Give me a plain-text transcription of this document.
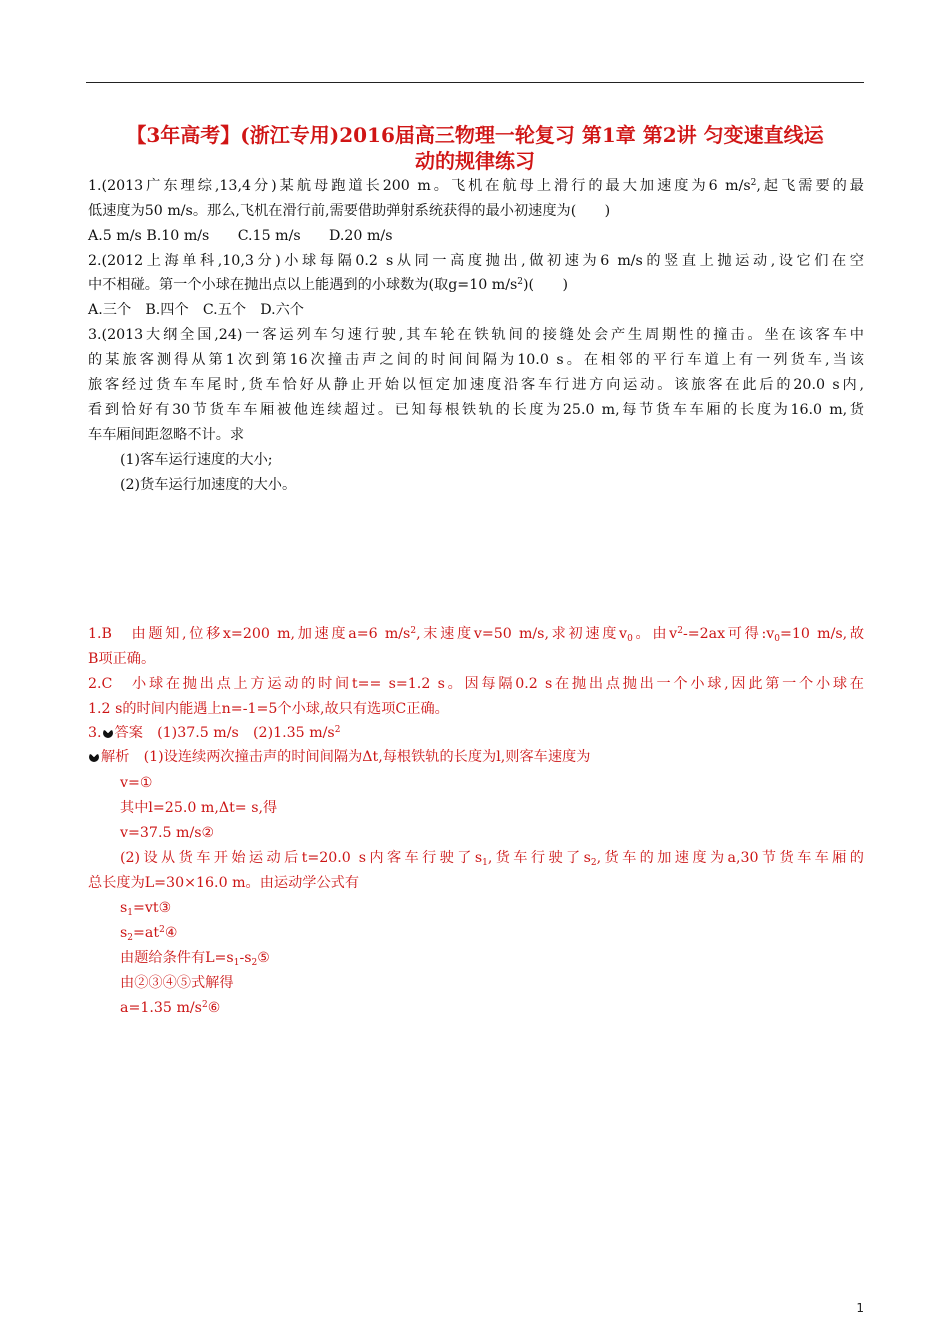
【3年高考】(浙江专用)2016届高三物理一轮复习 第1章 第2讲 匀变速直线运
动的规律练习
1.(2013广东理综,13,4分)某航母跑道长200 m。飞机在航母上滑行的最大加速度为6 $m/s^2$,起飞需要的最
低速度为50 m/s。那么,飞机在滑行前,需要借助弹射系统获得的最小初速度为(　　)
A.5 m/s B.10 m/s　　C.15 m/s　　D.20 m/s
2.(2012上海单科,10,3分)小球每隔0.2 s从同一高度抛出,做初速为6 m/s的竖直上抛运动,设它们在空
中不相碰。第一个小球在抛出点以上能遇到的小球数为(取g=10 $m/s^2$)(　　)
A.三个　B.四个　C.五个　D.六个
3.(2013大纲全国,24)一客运列车匀速行驶,其车轮在铁轨间的接缝处会产生周期性的撞击。坐在该客车中
的某旅客测得从第1次到第16次撞击声之间的时间间隔为10.0 s。在相邻的平行车道上有一列货车,当该
旅客经过货车车尾时,货车恰好从静止开始以恒定加速度沿客车行进方向运动。该旅客在此后的20.0 s内,
看到恰好有30节货车车厢被他连续超过。已知每根铁轨的长度为25.0 m,每节货车车厢的长度为16.0 m,货
车车厢间距忽略不计。求
(1)客车运行速度的大小;
(2)货车运行加速度的大小。
1.B　由题知,位移x=200 m,加速度a=6 $m/s^2$,末速度v=50 m/s,求初速度$v_0$。由$v^2-=2ax$可得$:v_0=10$ m/s,故
B项正确。
2.C　小球在抛出点上方运动的时间t== s=1.2 s。因每隔0.2 s在抛出点抛出一个小球,因此第一个小球在
1.2 s的时间内能遇上n=-1=5个小球,故只有选项C正确。
3. 答案　(1)37.5 m/s　(2)1.35 $m/s^2$
解析　(1)设连续两次撞击声的时间间隔为Δt,每根铁轨的长度为l,则客车速度为
v=①
其中l=25.0 m,Δt= s,得
v=37.5 m/s②
(2)设从货车开始运动后t=20.0 s内客车行驶了$s_1$,货车行驶了$s_2$,货车的加速度为a,30节货车车厢的
总长度为L=30×16.0 m。由运动学公式有
$s_1=vt③$
$s_2=at^2④$
由题给条件有$L=s_1-s_2⑤$
由②③④⑤式解得
a=1.35 $m/s^2⑥$
1
